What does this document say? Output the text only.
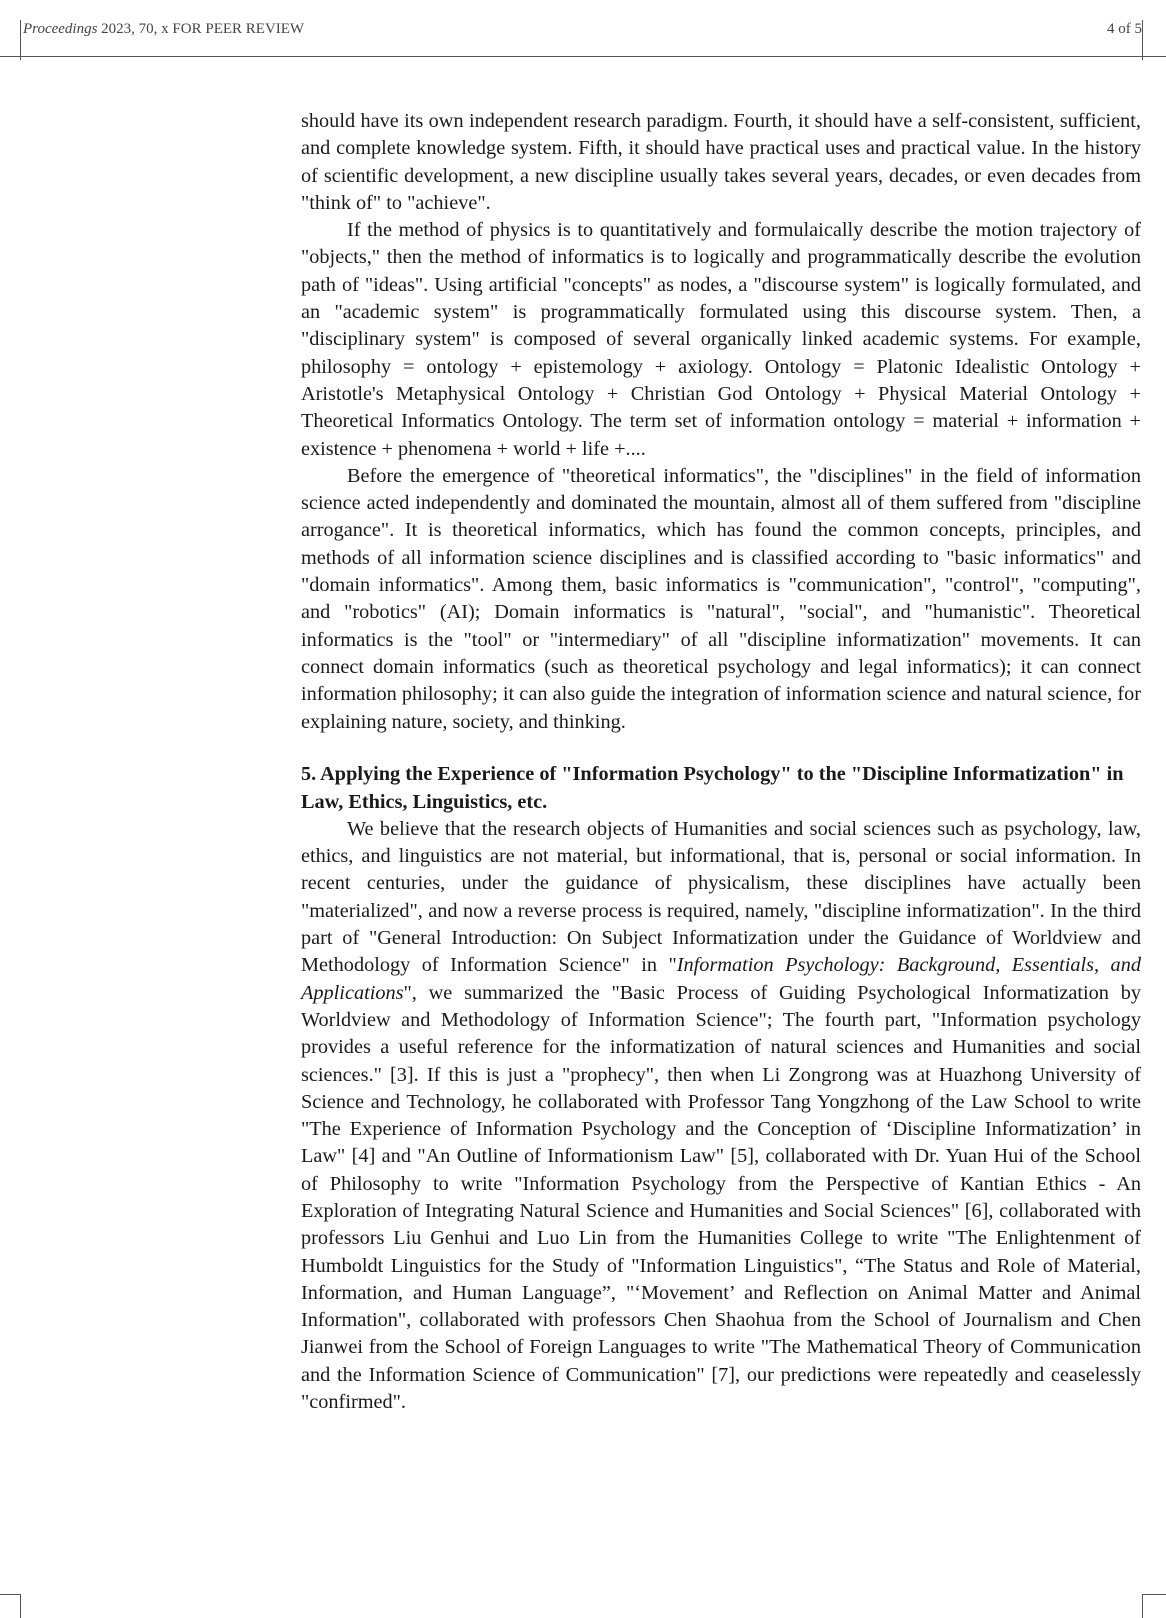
Proceedings 2023, 70, x FOR PEER REVIEW	4 of 5

should have its own independent research paradigm. Fourth, it should have a self-consistent, sufficient, and complete knowledge system. Fifth, it should have practical uses and practical value. In the history of scientific development, a new discipline usually takes several years, decades, or even decades from "think of" to "achieve".

If the method of physics is to quantitatively and formulaically describe the motion trajectory of "objects," then the method of informatics is to logically and programmatically describe the evolution path of "ideas". Using artificial "concepts" as nodes, a "discourse system" is logically formulated, and an "academic system" is programmatically formulated using this discourse system. Then, a "disciplinary system" is composed of several organically linked academic systems. For example, philosophy = ontology + epistemology + axiology. Ontology = Platonic Idealistic Ontology + Aristotle's Metaphysical Ontology + Christian God Ontology + Physical Material Ontology + Theoretical Informatics Ontology. The term set of information ontology = material + information + existence + phenomena + world + life +....

Before the emergence of "theoretical informatics", the "disciplines" in the field of information science acted independently and dominated the mountain, almost all of them suffered from "discipline arrogance". It is theoretical informatics, which has found the common concepts, principles, and methods of all information science disciplines and is classified according to "basic informatics" and "domain informatics". Among them, basic informatics is "communication", "control", "computing", and "robotics" (AI); Domain informatics is "natural", "social", and "humanistic". Theoretical informatics is the "tool" or "intermediary" of all "discipline informatization" movements. It can connect domain informatics (such as theoretical psychology and legal informatics); it can connect information philosophy; it can also guide the integration of information science and natural science, for explaining nature, society, and thinking.

5. Applying the Experience of "Information Psychology" to the "Discipline Informatization" in Law, Ethics, Linguistics, etc.

We believe that the research objects of Humanities and social sciences such as psychology, law, ethics, and linguistics are not material, but informational, that is, personal or social information. In recent centuries, under the guidance of physicalism, these disciplines have actually been "materialized", and now a reverse process is required, namely, "discipline informatization". In the third part of "General Introduction: On Subject Informatization under the Guidance of Worldview and Methodology of Information Science" in "Information Psychology: Background, Essentials, and Applications", we summarized the "Basic Process of Guiding Psychological Informatization by Worldview and Methodology of Information Science"; The fourth part, "Information psychology provides a useful reference for the informatization of natural sciences and Humanities and social sciences." [3]. If this is just a "prophecy", then when Li Zongrong was at Huazhong University of Science and Technology, he collaborated with Professor Tang Yongzhong of the Law School to write "The Experience of Information Psychology and the Conception of ‘Discipline Informatization’ in Law" [4] and "An Outline of Informationism Law" [5], collaborated with Dr. Yuan Hui of the School of Philosophy to write "Information Psychology from the Perspective of Kantian Ethics - An Exploration of Integrating Natural Science and Humanities and Social Sciences" [6], collaborated with professors Liu Genhui and Luo Lin from the Humanities College to write "The Enlightenment of Humboldt Linguistics for the Study of "Information Linguistics", “The Status and Role of Material, Information, and Human Language”, "‘Movement’ and Reflection on Animal Matter and Animal Information", collaborated with professors Chen Shaohua from the School of Journalism and Chen Jianwei from the School of Foreign Languages to write "The Mathematical Theory of Communication and the Information Science of Communication" [7], our predictions were repeatedly and ceaselessly "confirmed".
